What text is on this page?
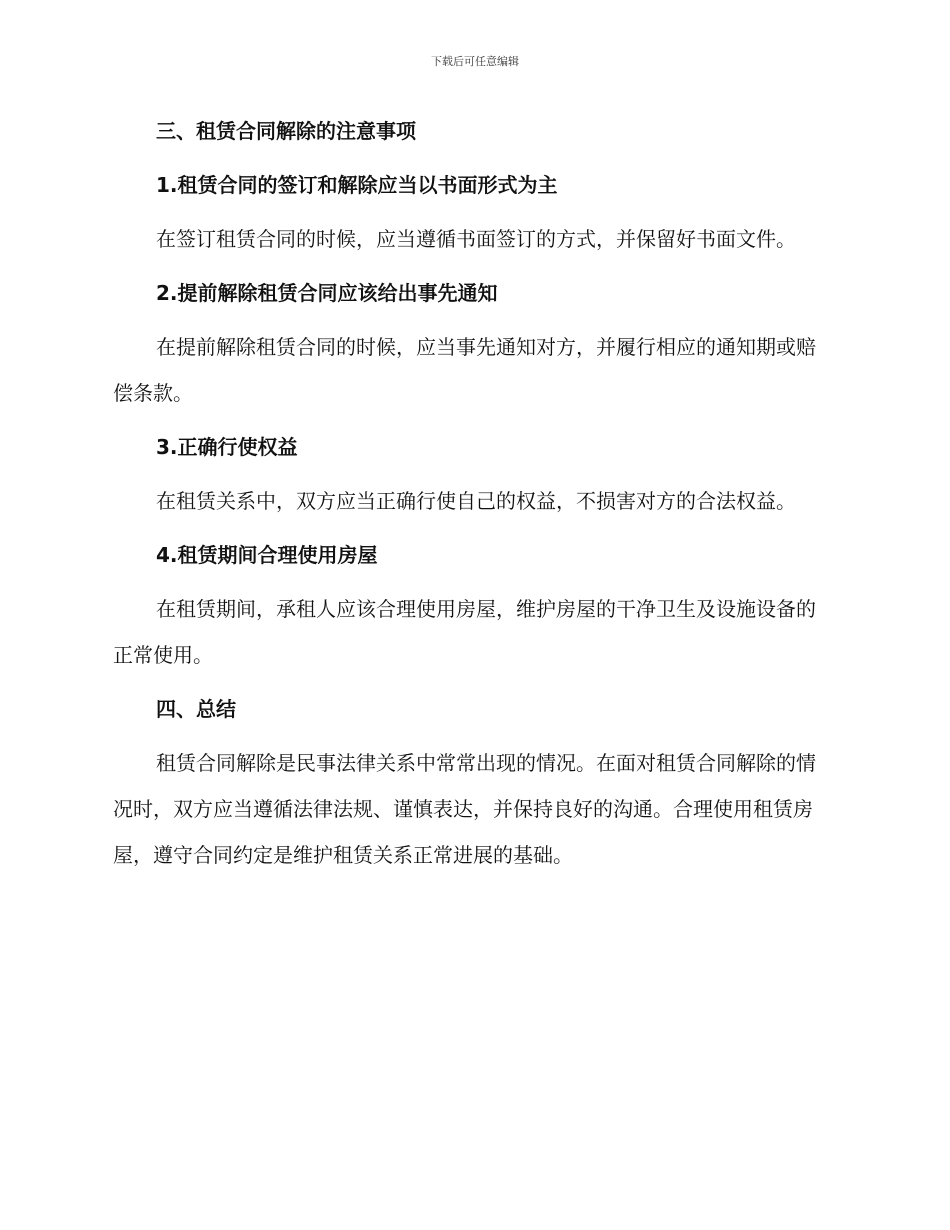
下载后可任意编辑
三、租赁合同解除的注意事项
1.租赁合同的签订和解除应当以书面形式为主
在签订租赁合同的时候，应当遵循书面签订的方式，并保留好书面文件。
2.提前解除租赁合同应该给出事先通知
在提前解除租赁合同的时候，应当事先通知对方，并履行相应的通知期或赔偿条款。
3.正确行使权益
在租赁关系中，双方应当正确行使自己的权益，不损害对方的合法权益。
4.租赁期间合理使用房屋
在租赁期间，承租人应该合理使用房屋，维护房屋的干净卫生及设施设备的正常使用。
四、总结
租赁合同解除是民事法律关系中常常出现的情况。在面对租赁合同解除的情况时，双方应当遵循法律法规、谨慎表达，并保持良好的沟通。合理使用租赁房屋，遵守合同约定是维护租赁关系正常进展的基础。
